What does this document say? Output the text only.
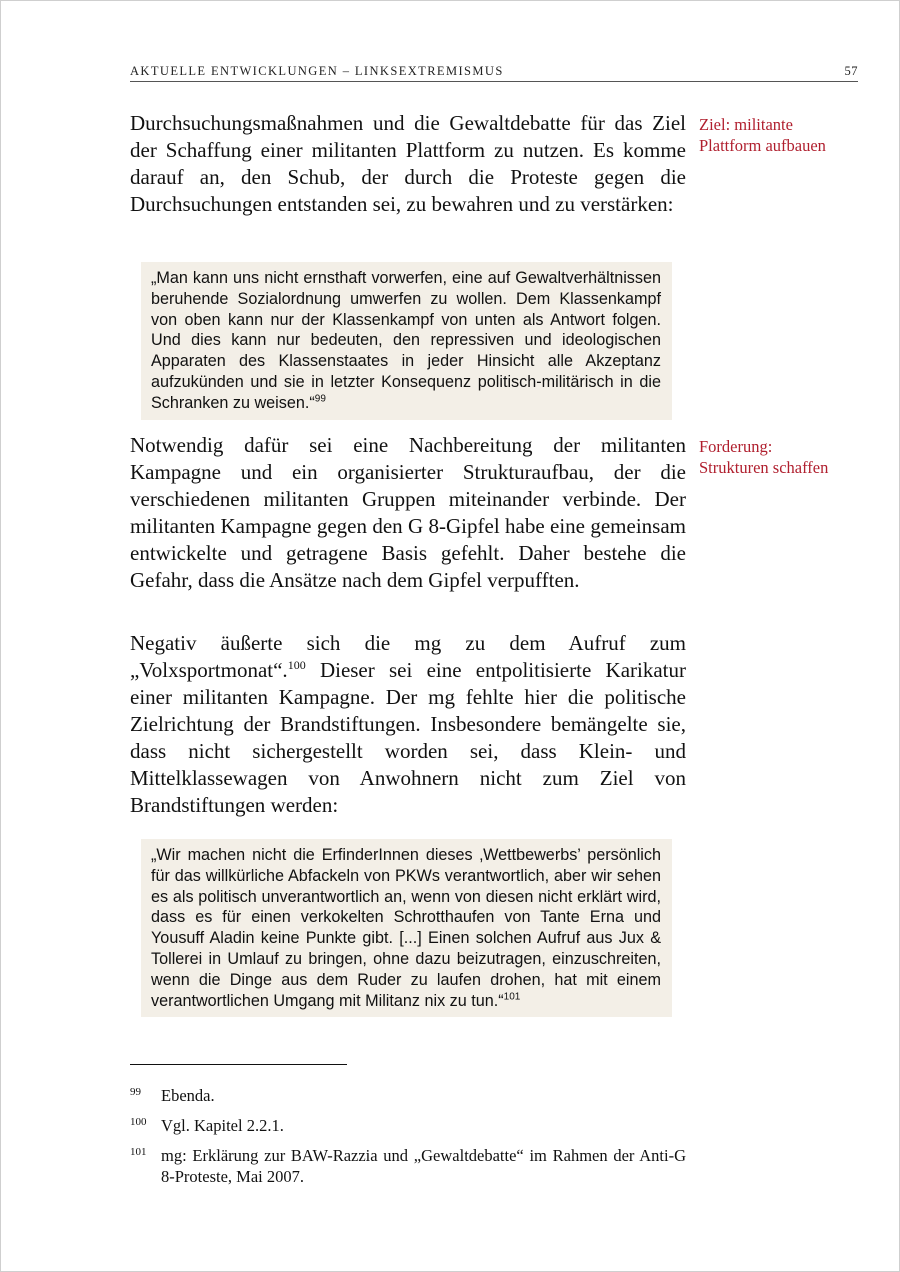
AKTUELLE ENTWICKLUNGEN – LINKSEXTREMISMUS	57

Durchsuchungsmaßnahmen und die Gewaltdebatte für das Ziel der Schaffung einer militanten Plattform zu nutzen. Es komme darauf an, den Schub, der durch die Proteste gegen die Durchsuchungen entstanden sei, zu bewahren und zu verstärken:

Ziel: militante
Plattform aufbauen
„Man kann uns nicht ernsthaft vorwerfen, eine auf Gewaltverhältnissen beruhende Sozialordnung umwerfen zu wollen. Dem Klassenkampf von oben kann nur der Klassenkampf von unten als Antwort folgen. Und dies kann nur bedeuten, den repressiven und ideologischen Apparaten des Klassenstaates in jeder Hinsicht alle Akzeptanz aufzukünden und sie in letzter Konsequenz politisch-militärisch in die Schranken zu weisen.“$^{99}$

Notwendig dafür sei eine Nachbereitung der militanten Kampagne und ein organisierter Strukturaufbau, der die verschiedenen militanten Gruppen miteinander verbinde. Der militanten Kampagne gegen den G 8-Gipfel habe eine gemeinsam entwickelte und getragene Basis gefehlt. Daher bestehe die Gefahr, dass die Ansätze nach dem Gipfel verpufften.

Forderung:
Strukturen schaffen

Negativ äußerte sich die mg zu dem Aufruf zum „Volxsportmonat“.$^{100}$ Dieser sei eine entpolitisierte Karikatur einer militanten Kampagne. Der mg fehlte hier die politische Zielrichtung der Brandstiftungen. Insbesondere bemängelte sie, dass nicht sichergestellt worden sei, dass Klein- und Mittelklassewagen von Anwohnern nicht zum Ziel von Brandstiftungen werden:

„Wir machen nicht die ErfinderInnen dieses ‚Wettbewerbs’ persönlich für das willkürliche Abfackeln von PKWs verantwortlich, aber wir sehen es als politisch unverantwortlich an, wenn von diesen nicht erklärt wird, dass es für einen verkokelten Schrotthaufen von Tante Erna und Yousuff Aladin keine Punkte gibt. [...] Einen solchen Aufruf aus Jux & Tollerei in Umlauf zu bringen, ohne dazu beizutragen, einzuschreiten, wenn die Dinge aus dem Ruder zu laufen drohen, hat mit einem verantwortlichen Umgang mit Militanz nix zu tun.“$^{101}$
99 Ebenda.
100 Vgl. Kapitel 2.2.1.
101 mg: Erklärung zur BAW-Razzia und „Gewaltdebatte“ im Rahmen der Anti-G 8-Proteste, Mai 2007.
